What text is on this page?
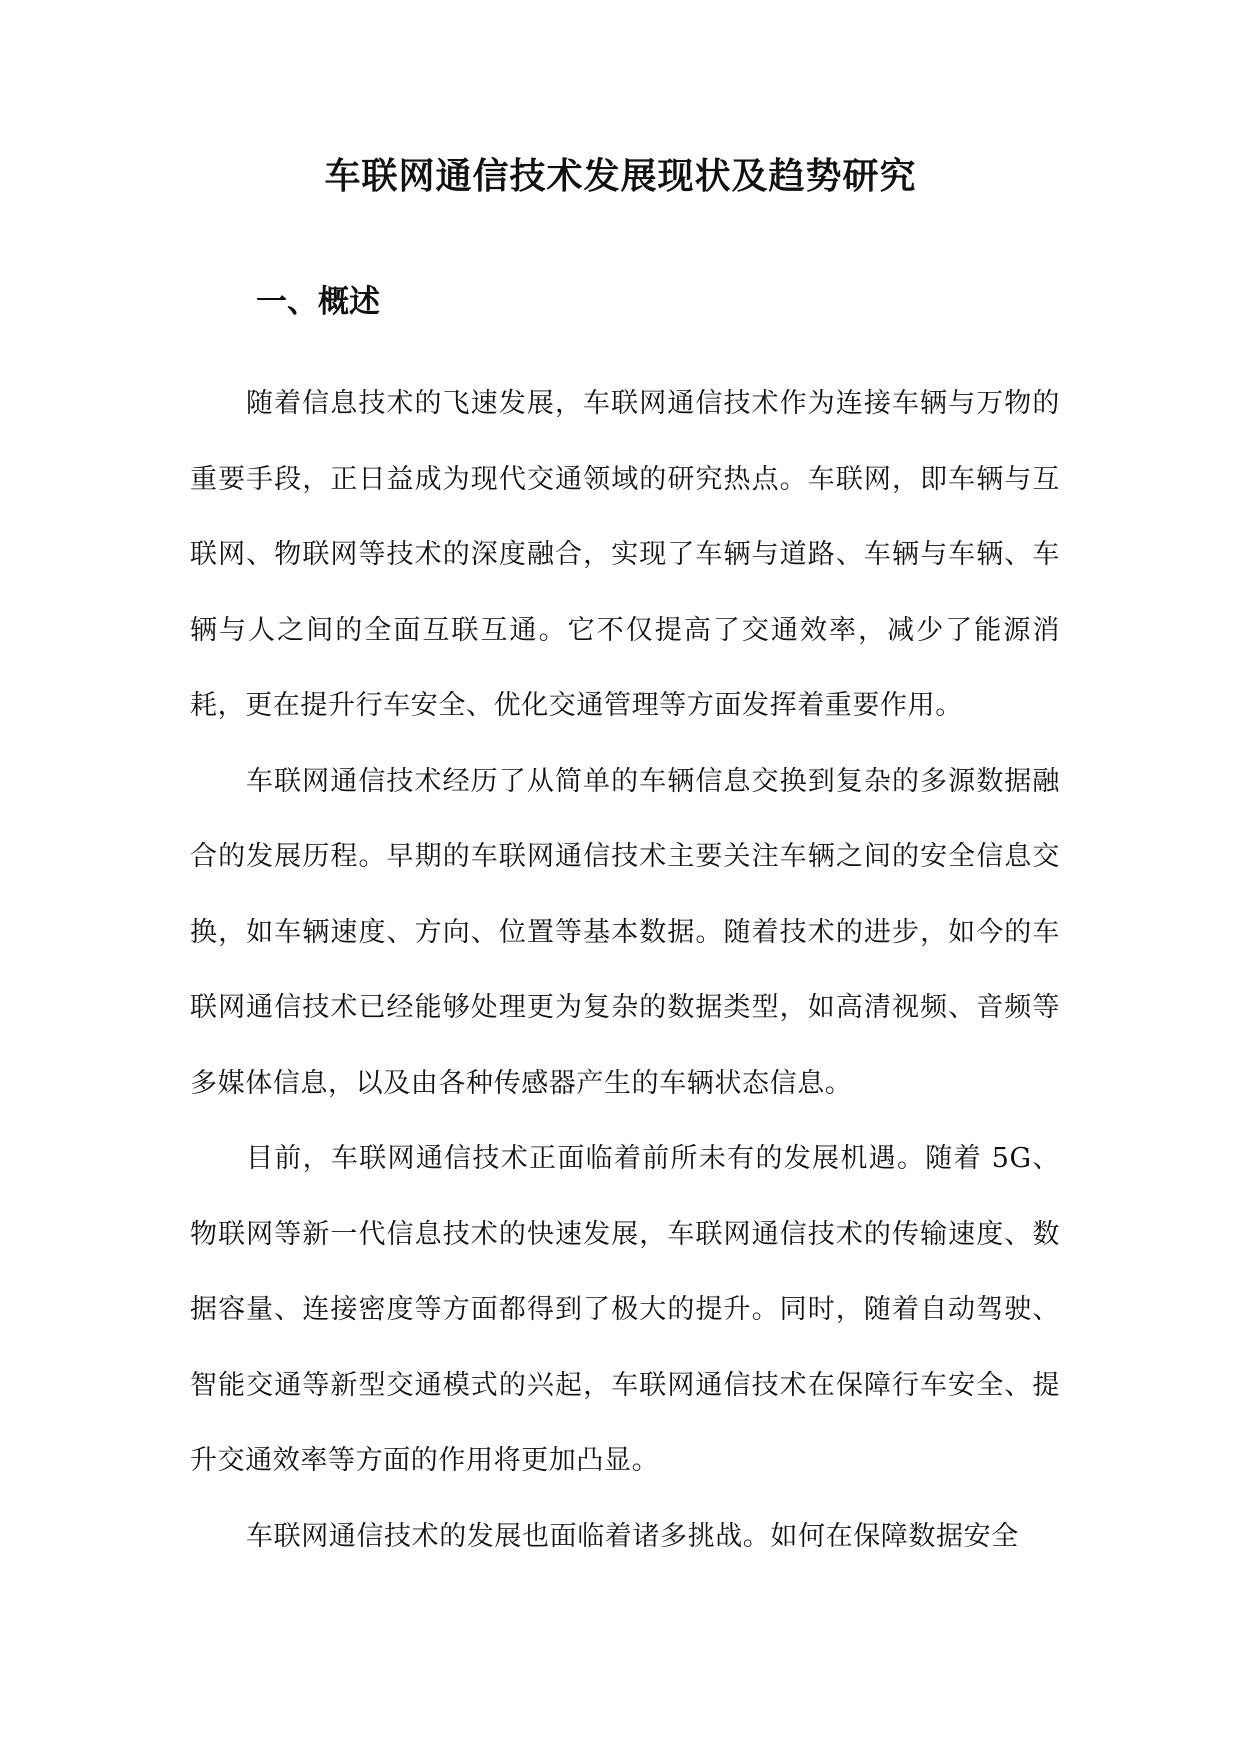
车联网通信技术发展现状及趋势研究
一、概述

随着信息技术的飞速发展，车联网通信技术作为连接车辆与万物的重要手段，正日益成为现代交通领域的研究热点。车联网，即车辆与互联网、物联网等技术的深度融合，实现了车辆与道路、车辆与车辆、车辆与人之间的全面互联互通。它不仅提高了交通效率，减少了能源消耗，更在提升行车安全、优化交通管理等方面发挥着重要作用。

车联网通信技术经历了从简单的车辆信息交换到复杂的多源数据融合的发展历程。早期的车联网通信技术主要关注车辆之间的安全信息交换，如车辆速度、方向、位置等基本数据。随着技术的进步，如今的车联网通信技术已经能够处理更为复杂的数据类型，如高清视频、音频等多媒体信息，以及由各种传感器产生的车辆状态信息。

目前，车联网通信技术正面临着前所未有的发展机遇。随着 5G、物联网等新一代信息技术的快速发展，车联网通信技术的传输速度、数据容量、连接密度等方面都得到了极大的提升。同时，随着自动驾驶、智能交通等新型交通模式的兴起，车联网通信技术在保障行车安全、提升交通效率等方面的作用将更加凸显。

车联网通信技术的发展也面临着诸多挑战。如何在保障数据安全
